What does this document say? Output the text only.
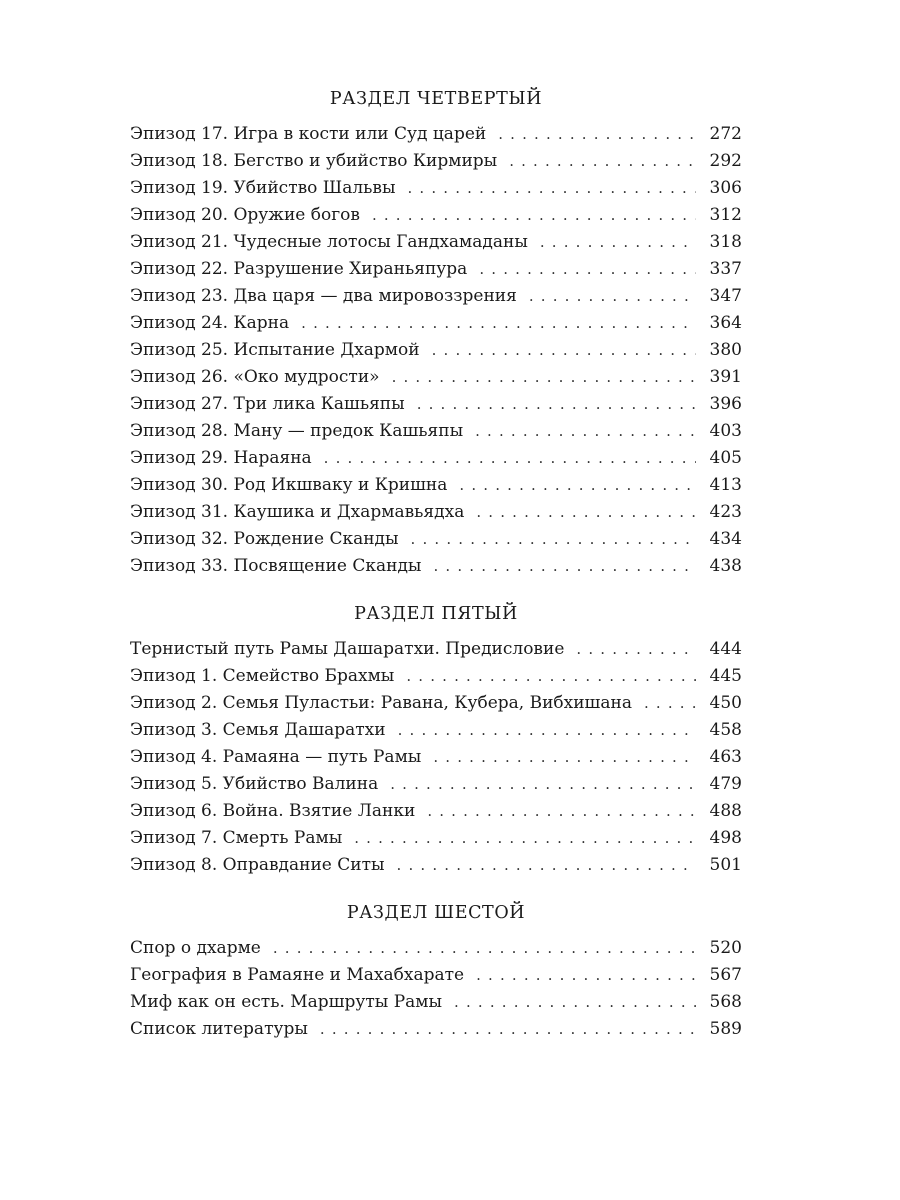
РАЗДЕЛ ЧЕТВЕРТЫЙ
Эпизод 17. Игра в кости или Суд царей . . .	272
Эпизод 18. Бегство и убийство Кирмиры . . .	292
Эпизод 19. Убийство Шальвы . . .	306
Эпизод 20. Оружие богов . . .	312
Эпизод 21. Чудесные лотосы Гандхамаданы . . .	318
Эпизод 22. Разрушение Хираньяпура . . .	337
Эпизод 23. Два царя — два мировоззрения . . .	347
Эпизод 24. Карна . . .	364
Эпизод 25. Испытание Дхармой . . .	380
Эпизод 26. «Око мудрости» . . .	391
Эпизод 27. Три лика Кашьяпы . . .	396
Эпизод 28. Ману — предок Кашьяпы . . .	403
Эпизод 29. Нараяна . . .	405
Эпизод 30. Род Икшваку и Кришна . . .	413
Эпизод 31. Каушика и Дхармавьядха . . .	423
Эпизод 32. Рождение Сканды . . .	434
Эпизод 33. Посвящение Сканды . . .	438
РАЗДЕЛ ПЯТЫЙ
Тернистый путь Рамы Дашаратхи. Предисловие . . .	444
Эпизод 1. Семейство Брахмы . . .	445
Эпизод 2. Семья Пуластьи: Равана, Кубера, Вибхишана . . .	450
Эпизод 3. Семья Дашаратхи . . .	458
Эпизод 4. Рамаяна — путь Рамы . . .	463
Эпизод 5. Убийство Валина . . .	479
Эпизод 6. Война. Взятие Ланки . . .	488
Эпизод 7. Смерть Рамы . . .	498
Эпизод 8. Оправдание Ситы . . .	501
РАЗДЕЛ ШЕСТОЙ
Спор о дхарме . . .	520
География в Рамаяне и Махабхарате . . .	567
Миф как он есть. Маршруты Рамы . . .	568
Список литературы . . .	589
